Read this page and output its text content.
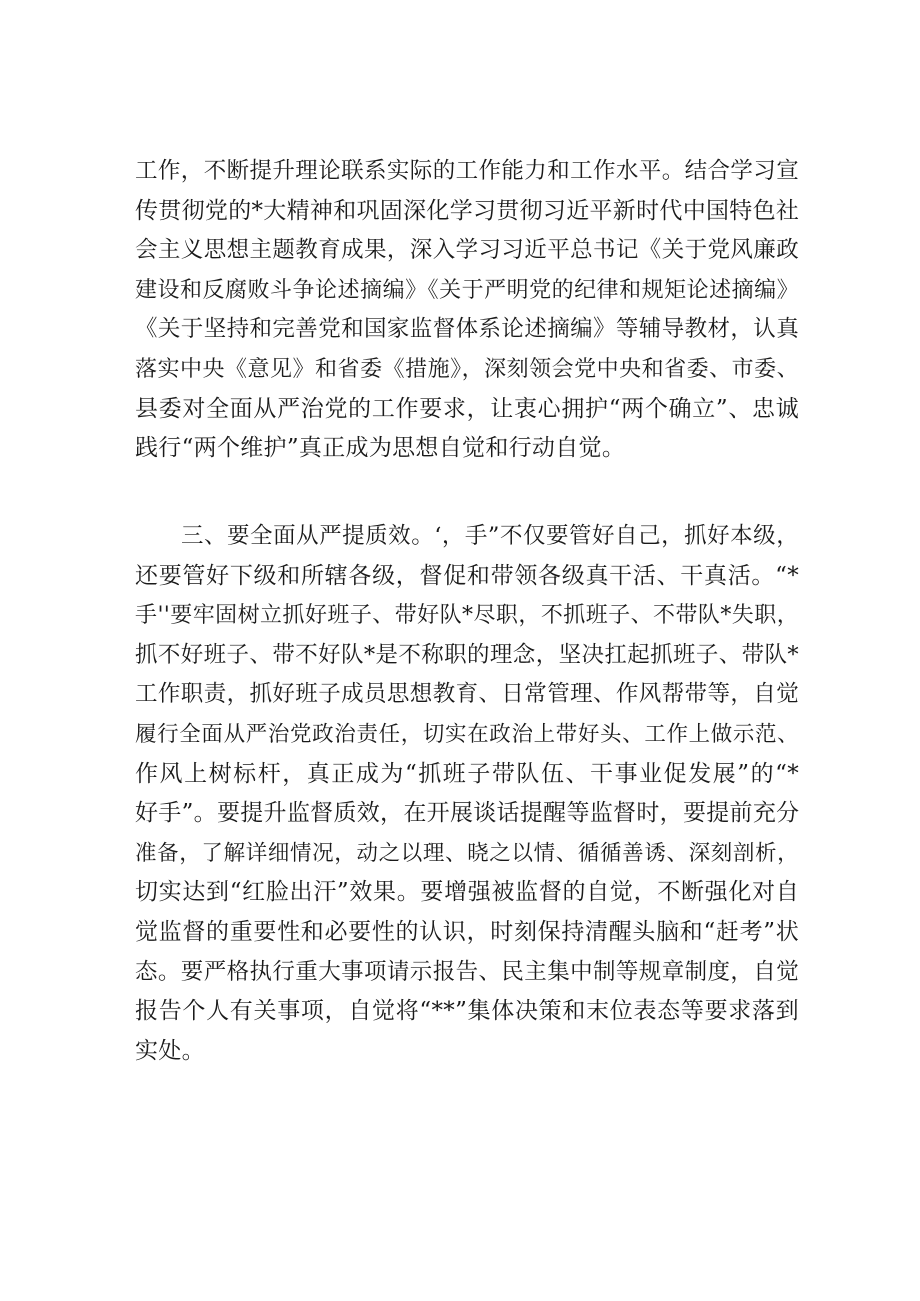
工作，不断提升理论联系实际的工作能力和工作水平。结合学习宣
传贯彻党的*大精神和巩固深化学习贯彻习近平新时代中国特色社
会主义思想主题教育成果，深入学习习近平总书记《关于党风廉政
建设和反腐败斗争论述摘编》《关于严明党的纪律和规矩论述摘编》
《关于坚持和完善党和国家监督体系论述摘编》等辅导教材，认真
落实中央《意见》和省委《措施》，深刻领会党中央和省委、市委、
县委对全面从严治党的工作要求，让衷心拥护“两个确立”、忠诚
践行“两个维护”真正成为思想自觉和行动自觉。
三、要全面从严提质效。‘，手”不仅要管好自己，抓好本级，
还要管好下级和所辖各级，督促和带领各级真干活、干真活。“*
手''要牢固树立抓好班子、带好队*尽职，不抓班子、不带队*失职，
抓不好班子、带不好队*是不称职的理念，坚决扛起抓班子、带队*
工作职责，抓好班子成员思想教育、日常管理、作风帮带等，自觉
履行全面从严治党政治责任，切实在政治上带好头、工作上做示范、
作风上树标杆，真正成为“抓班子带队伍、干事业促发展”的“*
好手”。要提升监督质效，在开展谈话提醒等监督时，要提前充分
准备，了解详细情况，动之以理、晓之以情、循循善诱、深刻剖析，
切实达到“红脸出汗”效果。要增强被监督的自觉，不断强化对自
觉监督的重要性和必要性的认识，时刻保持清醒头脑和“赶考”状
态。要严格执行重大事项请示报告、民主集中制等规章制度，自觉
报告个人有关事项，自觉将“**”集体决策和末位表态等要求落到
实处。
